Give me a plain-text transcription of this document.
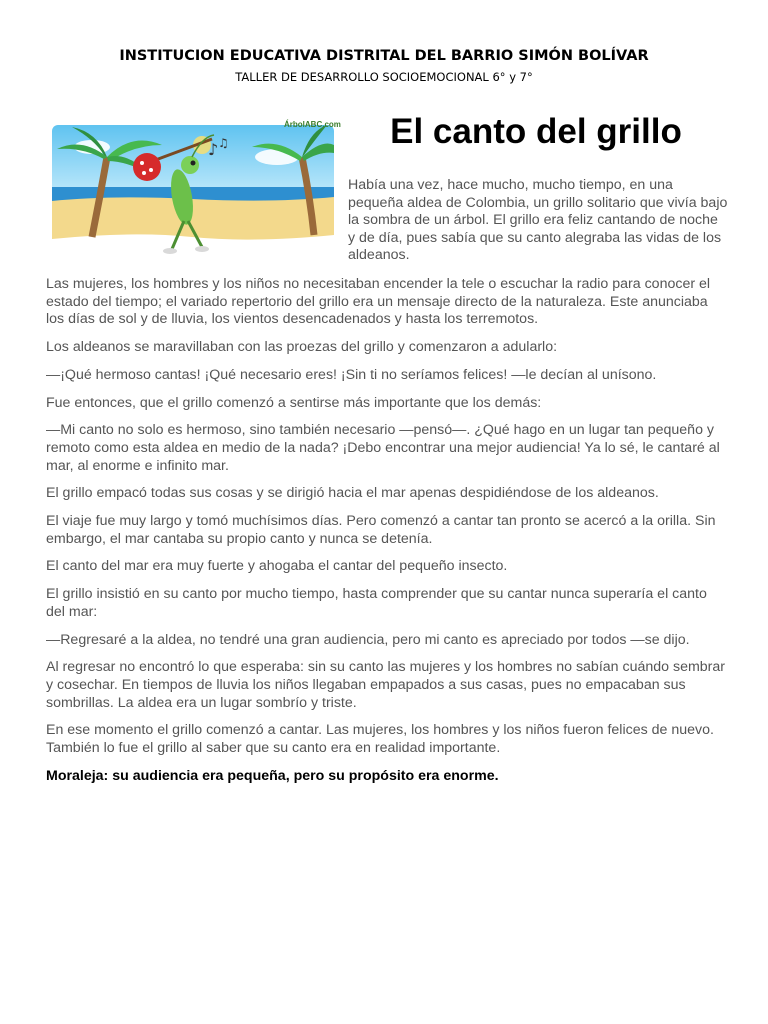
INSTITUCION EDUCATIVA DISTRITAL DEL BARRIO SIMÓN BOLÍVAR
TALLER DE DESARROLLO SOCIOEMOCIONAL 6° y 7°
♪ ♫
ÁrbolABC.com	El canto del grillo

Había una vez, hace mucho, mucho tiempo, en una pequeña aldea de Colombia, un grillo solitario que vivía bajo la sombra de un árbol. El grillo era feliz cantando de noche y de día, pues sabía que su canto alegraba las vidas de los aldeanos.

Las mujeres, los hombres y los niños no necesitaban encender la tele o escuchar la radio para conocer el estado del tiempo; el variado repertorio del grillo era un mensaje directo de la naturaleza. Este anunciaba los días de sol y de lluvia, los vientos desencadenados y hasta los terremotos.

Los aldeanos se maravillaban con las proezas del grillo y comenzaron a adularlo:

—¡Qué hermoso cantas! ¡Qué necesario eres! ¡Sin ti no seríamos felices! —le decían al unísono.

Fue entonces, que el grillo comenzó a sentirse más importante que los demás:

—Mi canto no solo es hermoso, sino también necesario —pensó—. ¿Qué hago en un lugar tan pequeño y remoto como esta aldea en medio de la nada? ¡Debo encontrar una mejor audiencia! Ya lo sé, le cantaré al mar, al enorme e infinito mar.

El grillo empacó todas sus cosas y se dirigió hacia el mar apenas despidiéndose de los aldeanos.

El viaje fue muy largo y tomó muchísimos días. Pero comenzó a cantar tan pronto se acercó a la orilla. Sin embargo, el mar cantaba su propio canto y nunca se detenía.

El canto del mar era muy fuerte y ahogaba el cantar del pequeño insecto.

El grillo insistió en su canto por mucho tiempo, hasta comprender que su cantar nunca superaría el canto del mar:

—Regresaré a la aldea, no tendré una gran audiencia, pero mi canto es apreciado por todos —se dijo.

Al regresar no encontró lo que esperaba: sin su canto las mujeres y los hombres no sabían cuándo sembrar y cosechar. En tiempos de lluvia los niños llegaban empapados a sus casas, pues no empacaban sus sombrillas. La aldea era un lugar sombrío y triste.

En ese momento el grillo comenzó a cantar. Las mujeres, los hombres y los niños fueron felices de nuevo. También lo fue el grillo al saber que su canto era en realidad importante.

Moraleja: su audiencia era pequeña, pero su propósito era enorme.
